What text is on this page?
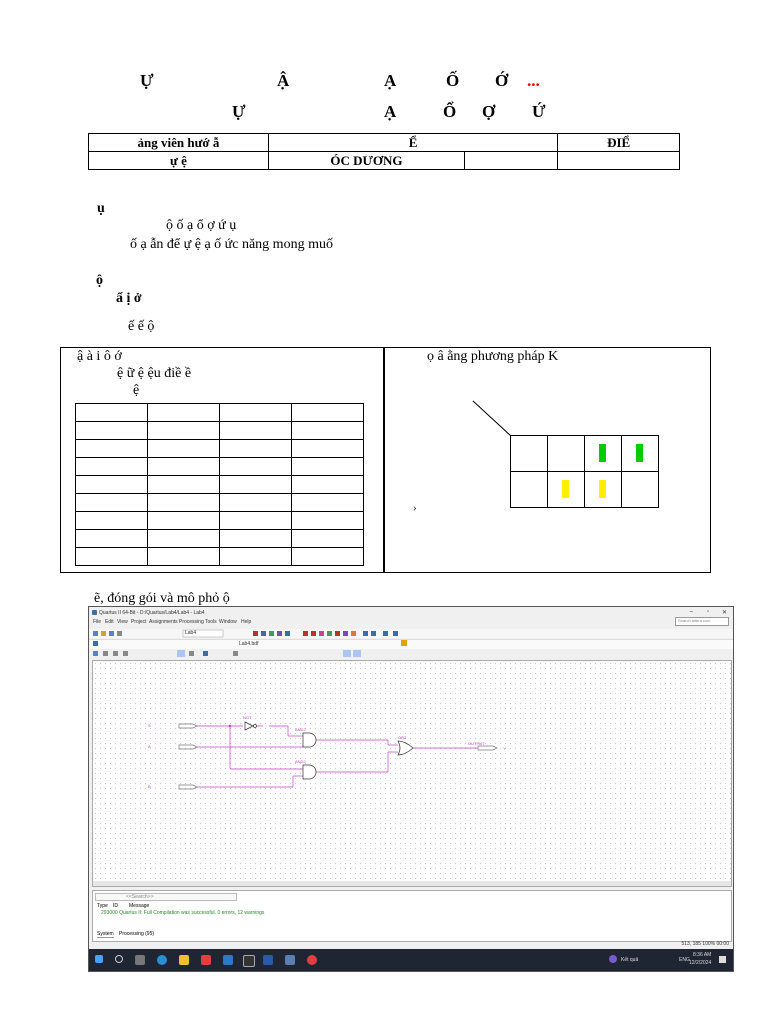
Ự	Ậ	Ạ	Ố Ớ ...
Ự	Ạ	Ổ Ợ Ứ
ảng viên hướ ẫ	Ể		ĐIỂ
ự ệ	ÓC DƯƠNG		
ụ
ộ ố ạ ổ ợ ứ ụ
ố ạ ẫn để ự ệ ạ ố ức năng mong muố
ộ
ẩ ị ở
ế ế ộ
ậ à i ô ớ
ệ ữ ệ ệu điề ề
ệ

ọ â ằng phương pháp K

›
ẽ, đóng gói và mô phỏ ộ
Quartus II 64-Bit - D:/Quartus/Lab4/Lab4 - Lab4	– ▫ ✕
File Edit View Project Assignments Processing Tools Window Help	Search altera.com
Lab4
Lab4.bdf
S
A
B
NOT
AND2
AND2
OR2
OUTPUT
Y
<<Search>>
Type ID Message
293000 Quartus II: Full Compilation was successful. 0 errors, 12 warnings
System Processing (95)
513, 185 100% 00:00
Kết quả	ENG
8:36 AM
12/2/2024
